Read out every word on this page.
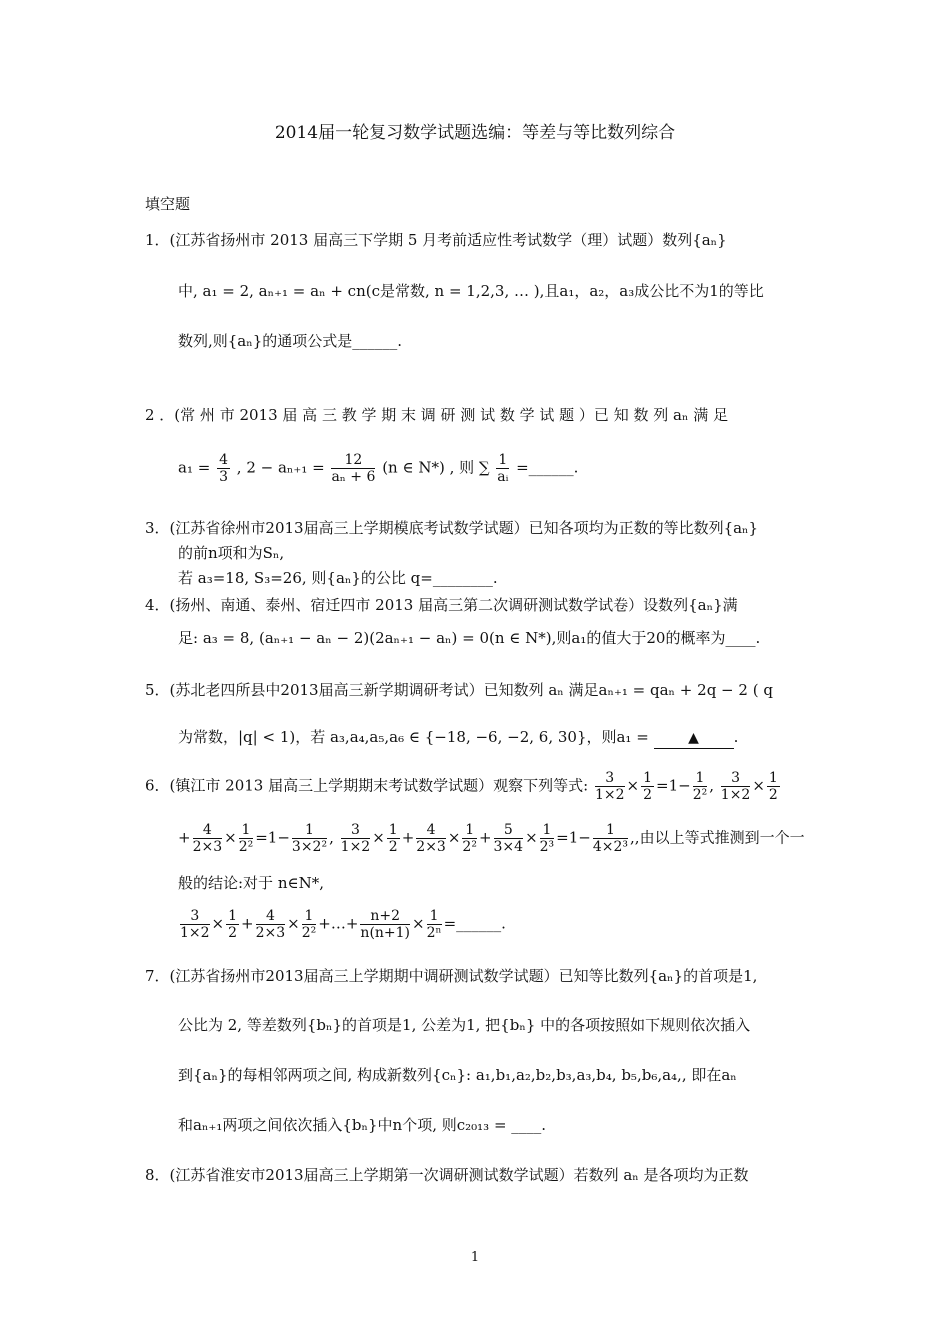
2014届一轮复习数学试题选编：等差与等比数列综合
填空题
1．(江苏省扬州市 2013 届高三下学期 5 月考前适应性考试数学（理）试题）数列{aₙ}
中, a₁ = 2, aₙ₊₁ = aₙ + cn(c是常数, n = 1,2,3, … ),且a₁，a₂，a₃成公比不为1的等比
数列,则{aₙ}的通项公式是______.
2 ．(常 州 市 2013 届 高 三 教 学 期 末 调 研 测 试 数 学 试 题 ）已 知 数 列 aₙ 满 足
$a_1 = \frac{4}{3}$ , $2 - a_{n+1} = \frac{12}{\text{aₙ + 6}} (n$ ∈ N*) , 则 ∑ $\frac{1}{\text{aᵢ}}$ =______.
3．(江苏省徐州市2013届高三上学期模底考试数学试题）已知各项均为正数的等比数列{aₙ}
的前n项和为Sₙ,
若 a₃=18, S₃=26, 则{aₙ}的公比 q=________.
4．(扬州、南通、泰州、宿迁四市 2013 届高三第二次调研测试数学试卷）设数列{aₙ}满
足: a₃ = 8, (aₙ₊₁ − aₙ − 2)(2aₙ₊₁ − aₙ) = 0(n ∈ N*),则a₁的值大于20的概率为____.
5．(苏北老四所县中2013届高三新学期调研考试）已知数列 aₙ 满足aₙ₊₁ = qaₙ + 2q − 2 ( q
为常数，|q| < 1)，若 a₃,a₄,a₅,a₆ ∈ {−18, −6, −2, 6, 30}，则a₁ =	▲ .
6．(镇江市 2013 届高三上学期期末考试数学试题）观察下列等式: $\frac{3}{1\times 2} \times \frac{1}{2} =1- \frac{1}{\text{2²}}$ , $\frac{3}{1\times 2} \times \frac{1}{2}$
+ $\frac{4}{2\times 3} \times \frac{1}{\text{2²}} =1- \frac{1}{\text{3×2²}}$ , $\frac{3}{1\times 2} \times \frac{1}{2} + \frac{4}{2\times 3} \times \frac{1}{\text{2²}} + \frac{5}{3\times 4} \times \frac{1}{\text{2³}} =1- \frac{1}{\text{4×2³}}$ ,,由以上等式推测到一个一
般的结论:对于 n∈N*,
$\frac{3}{1\times 2} \times \frac{1}{2} + \frac{4}{2\times 3} \times \frac{1}{\text{2²}}$ +…+ $\frac{n+2}{n(n+1)} \times \frac{1}{\text{2ⁿ}}$ =______.
7．(江苏省扬州市2013届高三上学期期中调研测试数学试题）已知等比数列{aₙ}的首项是1,
公比为 2, 等差数列{bₙ}的首项是1, 公差为1, 把{bₙ} 中的各项按照如下规则依次插入
到{aₙ}的每相邻两项之间, 构成新数列{cₙ}: a₁,b₁,a₂,b₂,b₃,a₃,b₄, b₅,b₆,a₄,, 即在aₙ
和aₙ₊₁两项之间依次插入{bₙ}中n个项, 则c₂₀₁₃ = ____.
8．(江苏省淮安市2013届高三上学期第一次调研测试数学试题）若数列 aₙ 是各项均为正数
1
